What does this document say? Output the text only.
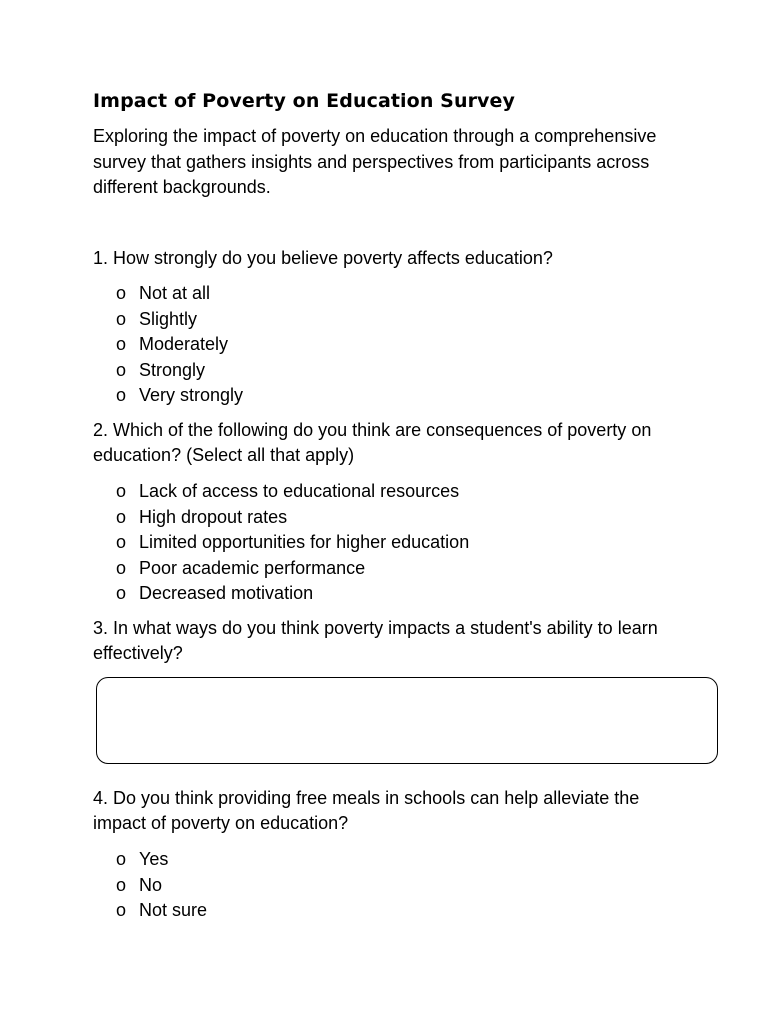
Impact of Poverty on Education Survey

Exploring the impact of poverty on education through a comprehensive survey that gathers insights and perspectives from participants across different backgrounds.

1. How strongly do you believe poverty affects education?
o Not at all
o Slightly
o Moderately
o Strongly
o Very strongly
2. Which of the following do you think are consequences of poverty on education? (Select all that apply)
o Lack of access to educational resources
o High dropout rates
o Limited opportunities for higher education
o Poor academic performance
o Decreased motivation
3. In what ways do you think poverty impacts a student's ability to learn effectively?
4. Do you think providing free meals in schools can help alleviate the impact of poverty on education?
o Yes
o No
o Not sure
